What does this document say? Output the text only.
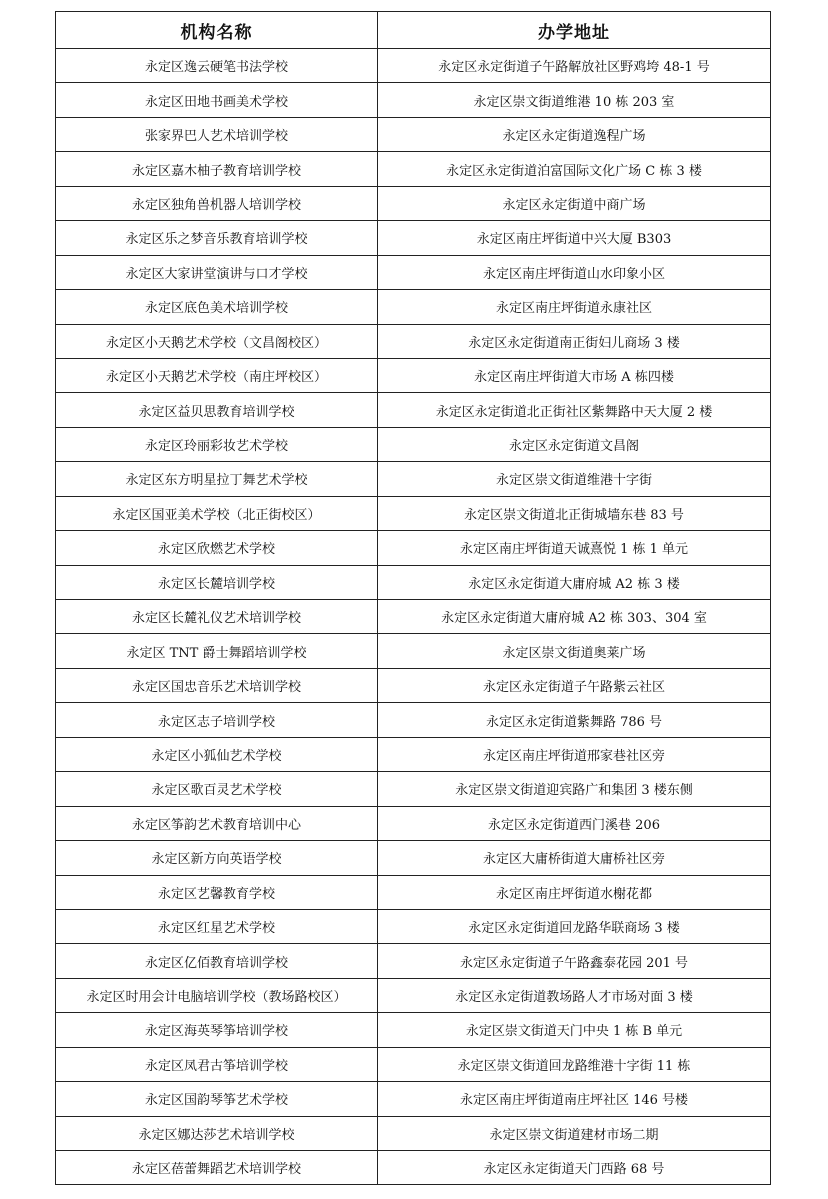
机构名称	办学地址
永定区逸云硬笔书法学校	永定区永定街道子午路解放社区野鸡垮 48-1 号
永定区田地书画美术学校	永定区崇文街道维港 10 栋 203 室
张家界巴人艺术培训学校	永定区永定街道逸程广场
永定区嘉木柚子教育培训学校	永定区永定街道泊富国际文化广场 C 栋 3 楼
永定区独角兽机器人培训学校	永定区永定街道中商广场
永定区乐之梦音乐教育培训学校	永定区南庄坪街道中兴大厦 B303
永定区大家讲堂演讲与口才学校	永定区南庄坪街道山水印象小区
永定区底色美术培训学校	永定区南庄坪街道永康社区
永定区小天鹅艺术学校（文昌阁校区）	永定区永定街道南正街妇儿商场 3 楼
永定区小天鹅艺术学校（南庄坪校区）	永定区南庄坪街道大市场 A 栋四楼
永定区益贝思教育培训学校	永定区永定街道北正街社区紫舞路中天大厦 2 楼
永定区玲丽彩妆艺术学校	永定区永定街道文昌阁
永定区东方明星拉丁舞艺术学校	永定区崇文街道维港十字街
永定区国亚美术学校（北正街校区）	永定区崇文街道北正街城墙东巷 83 号
永定区欣燃艺术学校	永定区南庄坪街道天诚熹悦 1 栋 1 单元
永定区长麓培训学校	永定区永定街道大庸府城 A2 栋 3 楼
永定区长麓礼仪艺术培训学校	永定区永定街道大庸府城 A2 栋 303、304 室
永定区 TNT 爵士舞蹈培训学校	永定区崇文街道奥莱广场
永定区国忠音乐艺术培训学校	永定区永定街道子午路紫云社区
永定区志子培训学校	永定区永定街道紫舞路 786 号
永定区小狐仙艺术学校	永定区南庄坪街道邢家巷社区旁
永定区歌百灵艺术学校	永定区崇文街道迎宾路广和集团 3 楼东侧
永定区筝韵艺术教育培训中心	永定区永定街道西门溪巷 206
永定区新方向英语学校	永定区大庸桥街道大庸桥社区旁
永定区艺馨教育学校	永定区南庄坪街道水榭花都
永定区红星艺术学校	永定区永定街道回龙路华联商场 3 楼
永定区亿佰教育培训学校	永定区永定街道子午路鑫泰花园 201 号
永定区时用会计电脑培训学校（教场路校区）	永定区永定街道教场路人才市场对面 3 楼
永定区海英琴筝培训学校	永定区崇文街道天门中央 1 栋 B 单元
永定区凤君古筝培训学校	永定区崇文街道回龙路维港十字街 11 栋
永定区国韵琴筝艺术学校	永定区南庄坪街道南庄坪社区 146 号楼
永定区娜达莎艺术培训学校	永定区崇文街道建材市场二期
永定区蓓蕾舞蹈艺术培训学校	永定区永定街道天门西路 68 号
